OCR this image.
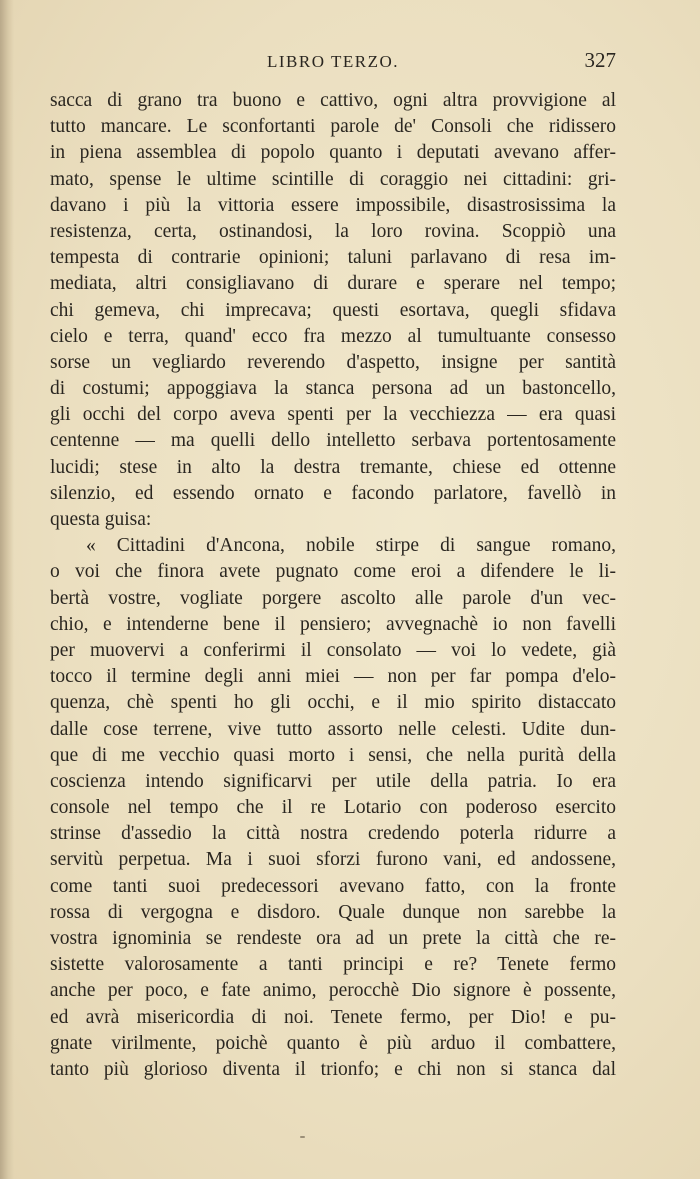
LIBRO TERZO.	327
sacca di grano tra buono e cattivo, ogni altra provvigione al
tutto mancare. Le sconfortanti parole de' Consoli che ridissero
in piena assemblea di popolo quanto i deputati avevano affer-
mato, spense le ultime scintille di coraggio nei cittadini: gri-
davano i più la vittoria essere impossibile, disastrosissima la
resistenza, certa, ostinandosi, la loro rovina. Scoppiò una
tempesta di contrarie opinioni; taluni parlavano di resa im-
mediata, altri consigliavano di durare e sperare nel tempo;
chi gemeva, chi imprecava; questi esortava, quegli sfidava
cielo e terra, quand' ecco fra mezzo al tumultuante consesso
sorse un vegliardo reverendo d'aspetto, insigne per santità
di costumi; appoggiava la stanca persona ad un bastoncello,
gli occhi del corpo aveva spenti per la vecchiezza — era quasi
centenne — ma quelli dello intelletto serbava portentosamente
lucidi; stese in alto la destra tremante, chiese ed ottenne
silenzio, ed essendo ornato e facondo parlatore, favellò in
questa guisa:
« Cittadini d'Ancona, nobile stirpe di sangue romano,
o voi che finora avete pugnato come eroi a difendere le li-
bertà vostre, vogliate porgere ascolto alle parole d'un vec-
chio, e intenderne bene il pensiero; avvegnachè io non favelli
per muovervi a conferirmi il consolato — voi lo vedete, già
tocco il termine degli anni miei — non per far pompa d'elo-
quenza, chè spenti ho gli occhi, e il mio spirito distaccato
dalle cose terrene, vive tutto assorto nelle celesti. Udite dun-
que di me vecchio quasi morto i sensi, che nella purità della
coscienza intendo significarvi per utile della patria. Io era
console nel tempo che il re Lotario con poderoso esercito
strinse d'assedio la città nostra credendo poterla ridurre a
servitù perpetua. Ma i suoi sforzi furono vani, ed andossene,
come tanti suoi predecessori avevano fatto, con la fronte
rossa di vergogna e disdoro. Quale dunque non sarebbe la
vostra ignominia se rendeste ora ad un prete la città che re-
sistette valorosamente a tanti principi e re? Tenete fermo
anche per poco, e fate animo, perocchè Dio signore è possente,
ed avrà misericordia di noi. Tenete fermo, per Dio! e pu-
gnate virilmente, poichè quanto è più arduo il combattere,
tanto più glorioso diventa il trionfo; e chi non si stanca dal
